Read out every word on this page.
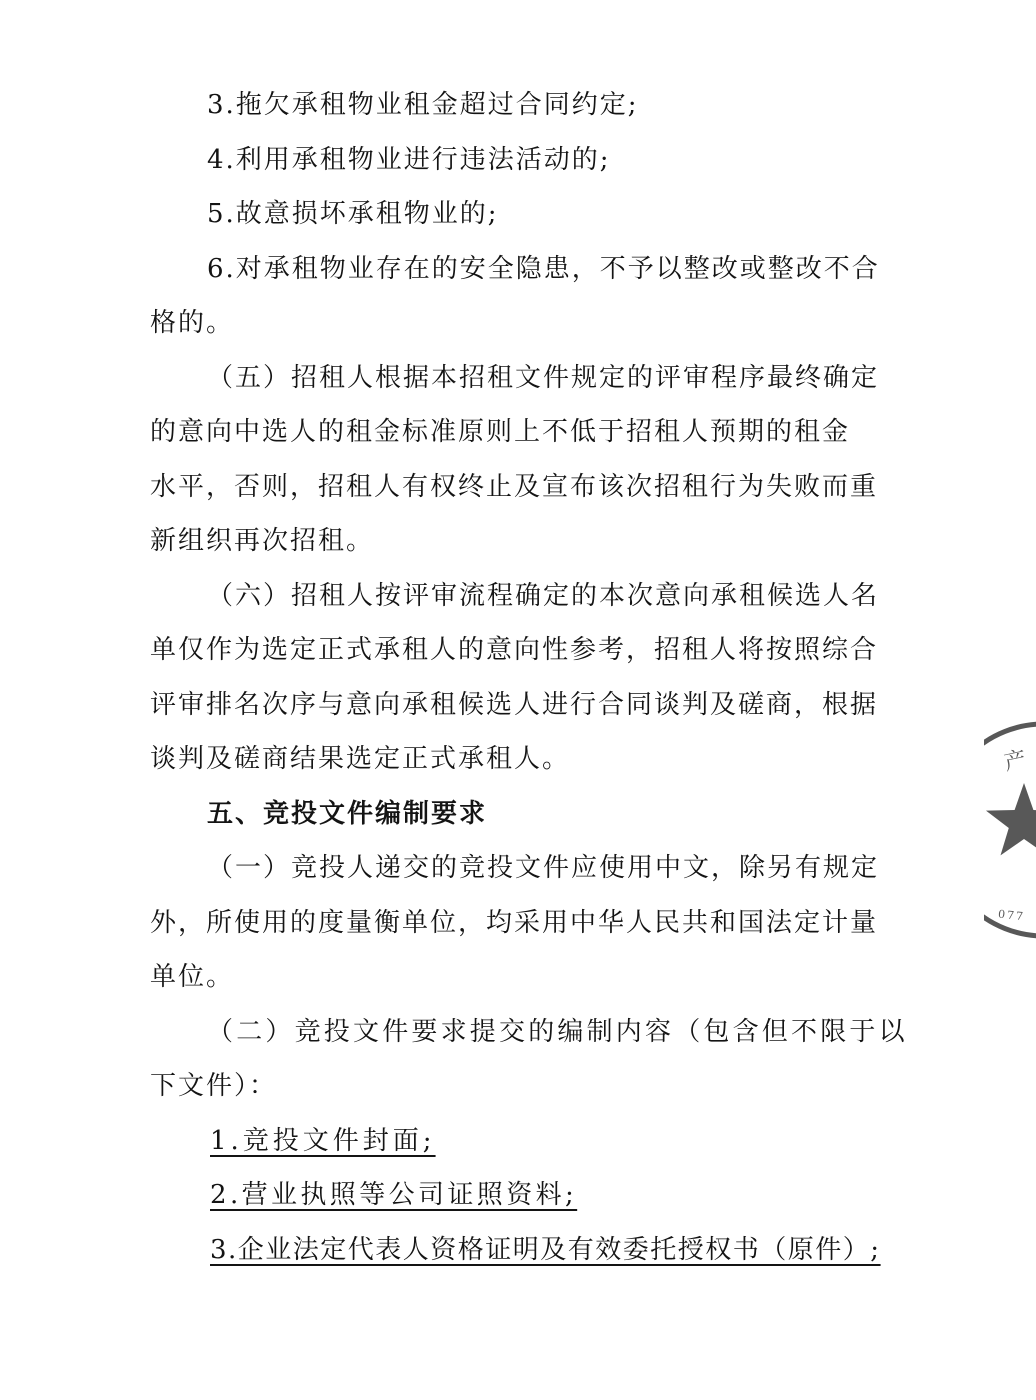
3.拖欠承租物业租金超过合同约定;
4.利用承租物业进行违法活动的;
5.故意损坏承租物业的;
6.对承租物业存在的安全隐患，不予以整改或整改不合
格的。
（五）招租人根据本招租文件规定的评审程序最终确定
的意向中选人的租金标准原则上不低于招租人预期的租金
水平，否则，招租人有权终止及宣布该次招租行为失败而重
新组织再次招租。
（六）招租人按评审流程确定的本次意向承租候选人名
单仅作为选定正式承租人的意向性参考，招租人将按照综合
评审排名次序与意向承租候选人进行合同谈判及磋商，根据
谈判及磋商结果选定正式承租人。
五、竞投文件编制要求
（一）竞投人递交的竞投文件应使用中文，除另有规定
外，所使用的度量衡单位，均采用中华人民共和国法定计量
单位。
（二）竞投文件要求提交的编制内容（包含但不限于以
下文件）：
1.竞投文件封面;
2.营业执照等公司证照资料;
3.企业法定代表人资格证明及有效委托授权书（原件）;
产
077
